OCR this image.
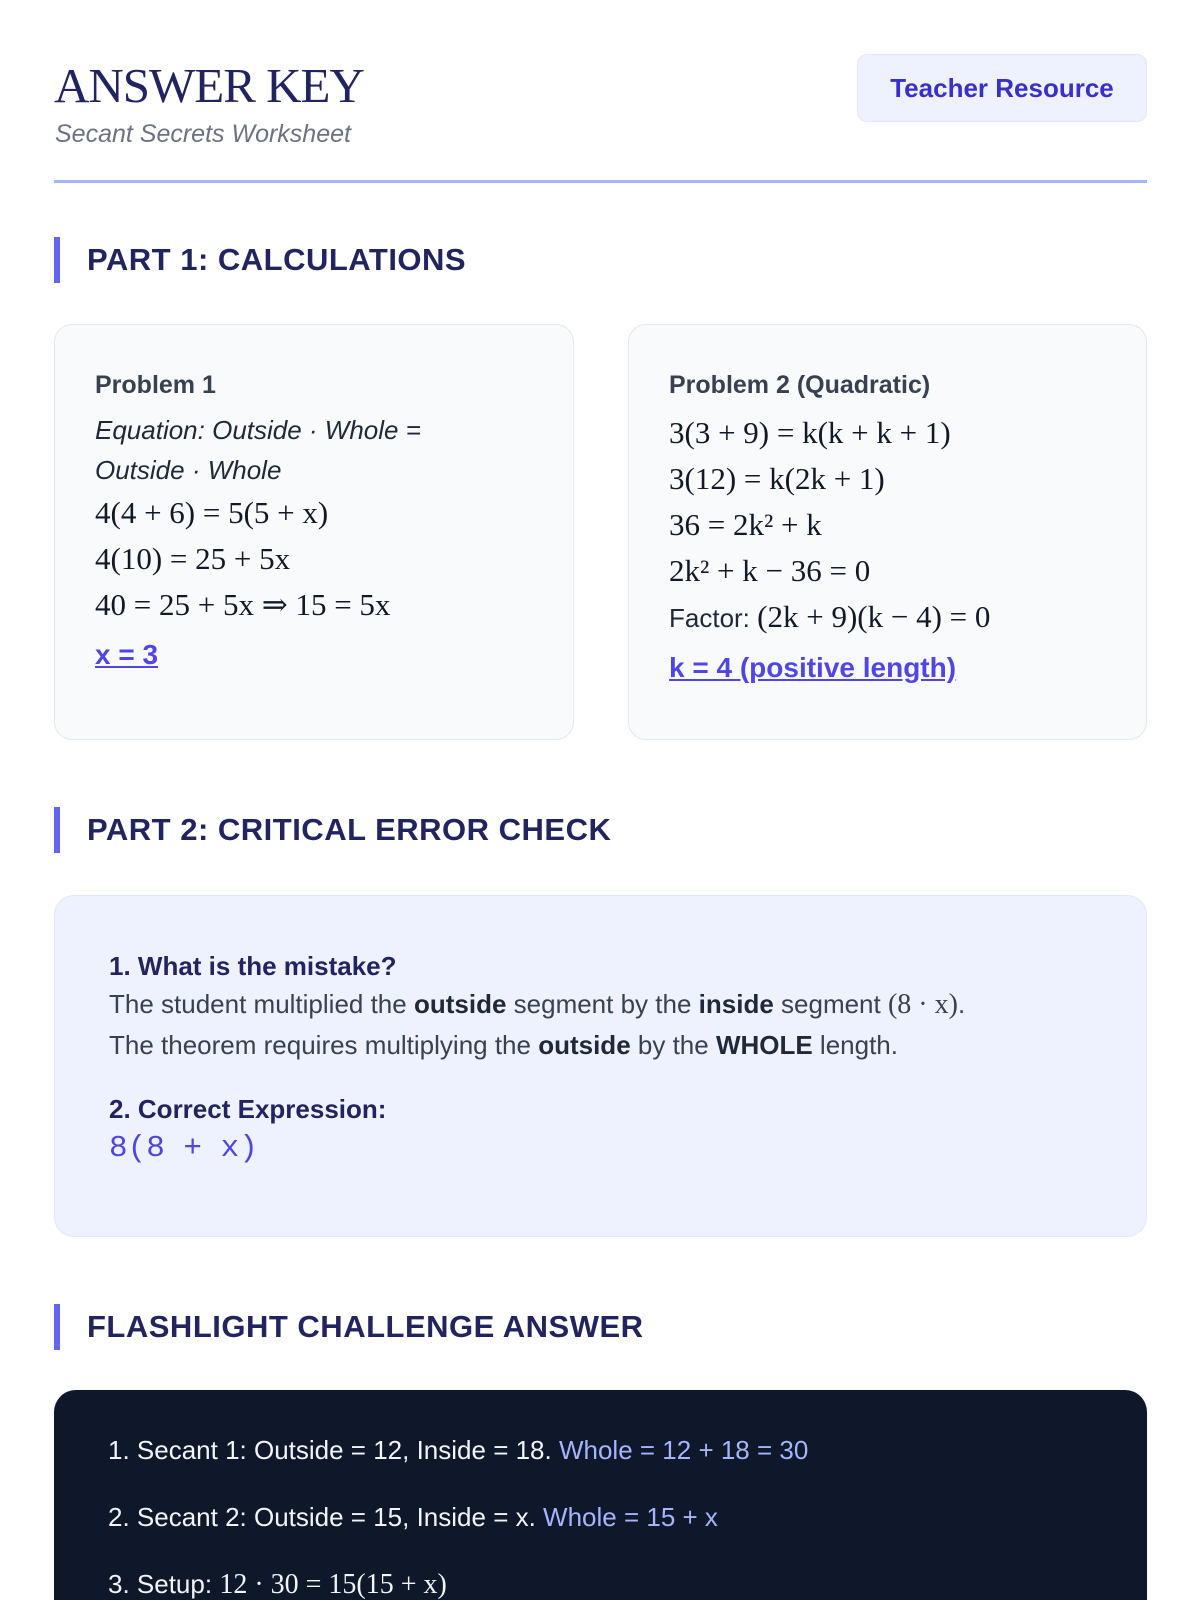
ANSWER KEY
Secant Secrets Worksheet
Teacher Resource
PART 1: CALCULATIONS
Problem 1
Equation: Outside · Whole =
Outside · Whole
4(4 + 6) = 5(5 + x)
4(10) = 25 + 5x
40 = 25 + 5x ⇒ 15 = 5x
x = 3
Problem 2 (Quadratic)
3(3 + 9) = k(k + k + 1)
3(12) = k(2k + 1)
36 = 2k² + k
2k² + k − 36 = 0
Factor: (2k + 9)(k − 4) = 0
k = 4 (positive length)
PART 2: CRITICAL ERROR CHECK
1. What is the mistake?
The student multiplied the outside segment by the inside segment (8 · x).
The theorem requires multiplying the outside by the WHOLE length.
2. Correct Expression:
8(8 + x)
FLASHLIGHT CHALLENGE ANSWER
1. Secant 1: Outside = 12, Inside = 18. Whole = 12 + 18 = 30
2. Secant 2: Outside = 15, Inside = x. Whole = 15 + x
3. Setup: 12 · 30 = 15(15 + x)
